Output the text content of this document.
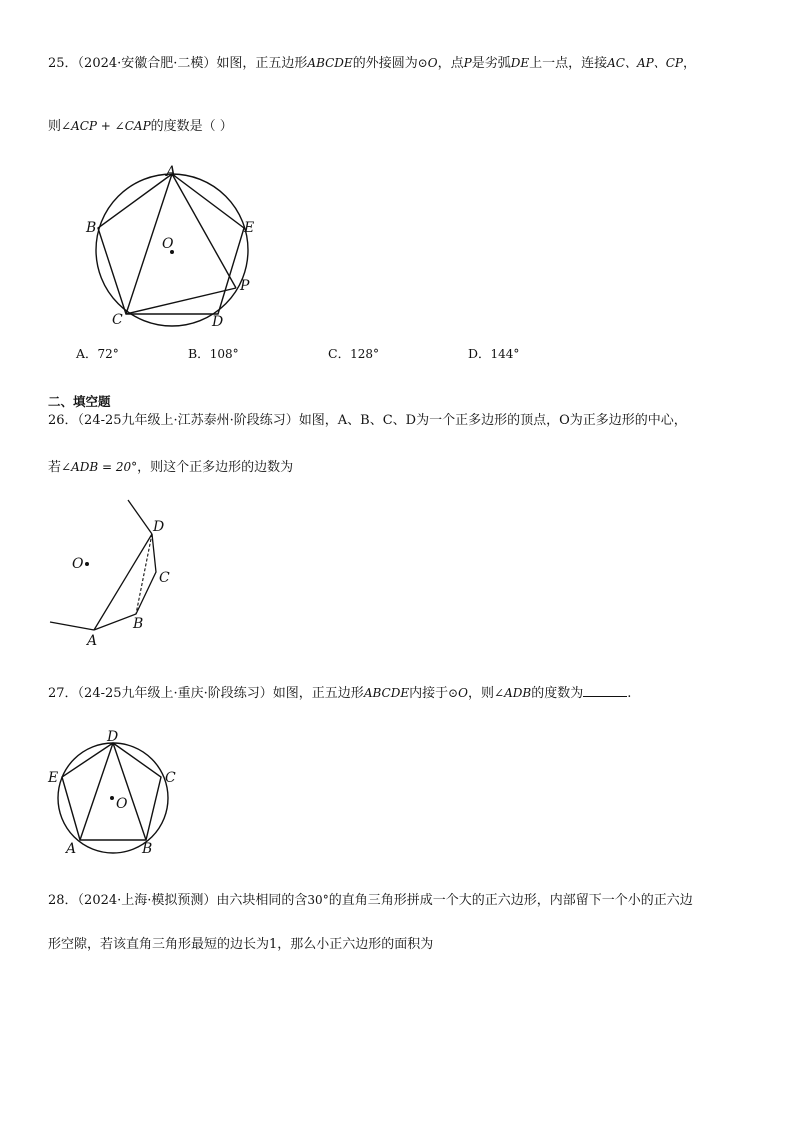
25．（2024·安徽合肥·二模）如图，正五边形ABCDE的外接圆为⊙O，点P是劣弧DE上一点，连接AC、AP、CP，
则∠ACP + ∠CAP的度数是（ ）
A
B
C	D
E
O
P
D
C
B
A
O
D
C
E
A	B
O
A．72°	B．108°	C．128°	D．144°
二、填空题
26．（24-25九年级上·江苏泰州·阶段练习）如图，A、B、C、D为一个正多边形的顶点，O为正多边形的中心，
若∠ADB = 20°，则这个正多边形的边数为
27．（24-25九年级上·重庆·阶段练习）如图，正五边形ABCDE内接于⊙O，则∠ADB的度数为	.
28．（2024·上海·模拟预测）由六块相同的含30°的直角三角形拼成一个大的正六边形，内部留下一个小的正六边
形空隙，若该直角三角形最短的边长为1，那么小正六边形的面积为
